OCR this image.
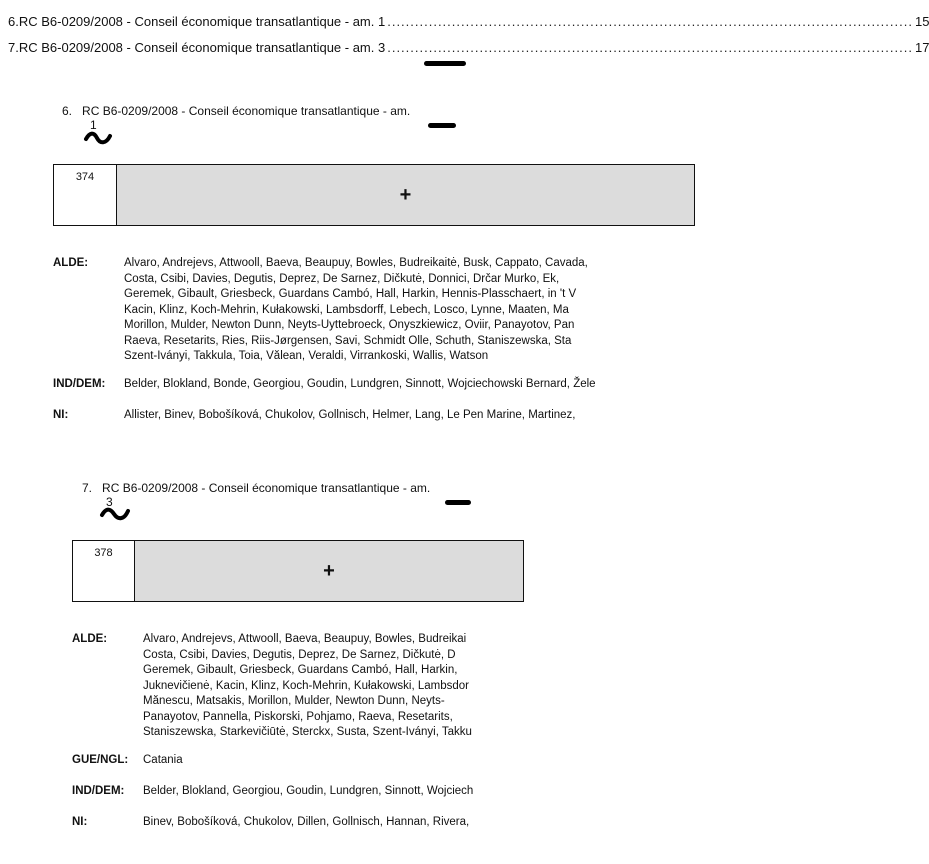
6. RC B6-0209/2008 - Conseil économique transatlantique - am. 1 .................................................................................................................. 15
7. RC B6-0209/2008 - Conseil économique transatlantique - am. 3 .................................................................................................................. 17
6. RC B6-0209/2008 - Conseil économique transatlantique - am.
1
374
+
ALDE:	Alvaro, Andrejevs, Attwooll, Baeva, Beaupuy, Bowles, Budreikaitė, Busk, Cappato, Cavada,
Costa, Csibi, Davies, Degutis, Deprez, De Sarnez, Dičkutė, Donnici, Drčar Murko, Ek,
Geremek, Gibault, Griesbeck, Guardans Cambó, Hall, Harkin, Hennis-Plasschaert, in 't V
Kacin, Klinz, Koch-Mehrin, Kułakowski, Lambsdorff, Lebech, Losco, Lynne, Maaten, Ma
Morillon, Mulder, Newton Dunn, Neyts-Uyttebroeck, Onyszkiewicz, Oviir, Panayotov, Pan
Raeva, Resetarits, Ries, Riis-Jørgensen, Savi, Schmidt Olle, Schuth, Staniszewska, Sta
Szent-Iványi, Takkula, Toia, Vălean, Veraldi, Virrankoski, Wallis, Watson
IND/DEM: Belder, Blokland, Bonde, Georgiou, Goudin, Lundgren, Sinnott, Wojciechowski Bernard, Žele
NI:	Allister, Binev, Bobošíková, Chukolov, Gollnisch, Helmer, Lang, Le Pen Marine, Martinez,
7. RC B6-0209/2008 - Conseil économique transatlantique - am.
3
378
+
ALDE:	Alvaro, Andrejevs, Attwooll, Baeva, Beaupuy, Bowles, Budreikai
Costa, Csibi, Davies, Degutis, Deprez, De Sarnez, Dičkutė, D
Geremek, Gibault, Griesbeck, Guardans Cambó, Hall, Harkin,
Juknevičienė, Kacin, Klinz, Koch-Mehrin, Kułakowski, Lambsdor
Mănescu, Matsakis, Morillon, Mulder, Newton Dunn, Neyts-
Panayotov, Pannella, Piskorski, Pohjamo, Raeva, Resetarits,
Staniszewska, Starkevičiūtė, Sterckx, Susta, Szent-Iványi, Takku
GUE/NGL: Catania
IND/DEM: Belder, Blokland, Georgiou, Goudin, Lundgren, Sinnott, Wojciech
NI:	Binev, Bobošíková, Chukolov, Dillen, Gollnisch, Hannan, Rivera,
